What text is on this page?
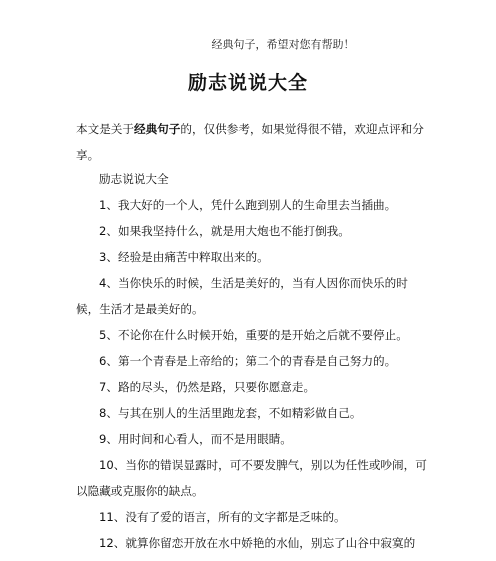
经典句子，希望对您有帮助！
励志说说大全
本文是关于经典句子的，仅供参考，如果觉得很不错，欢迎点评和分享。
励志说说大全
1、我大好的一个人，凭什么跑到别人的生命里去当插曲。
2、如果我坚持什么，就是用大炮也不能打倒我。
3、经验是由痛苦中粹取出来的。
4、当你快乐的时候，生活是美好的，当有人因你而快乐的时候，生活才是最美好的。
5、不论你在什么时候开始，重要的是开始之后就不要停止。
6、第一个青春是上帝给的；第二个的青春是自己努力的。
7、路的尽头，仍然是路，只要你愿意走。
8、与其在别人的生活里跑龙套，不如精彩做自己。
9、用时间和心看人，而不是用眼睛。
10、当你的错误显露时，可不要发脾气，别以为任性或吵闹，可以隐藏或克服你的缺点。
11、没有了爱的语言，所有的文字都是乏味的。
12、就算你留恋开放在水中娇艳的水仙，别忘了山谷中寂寞的
